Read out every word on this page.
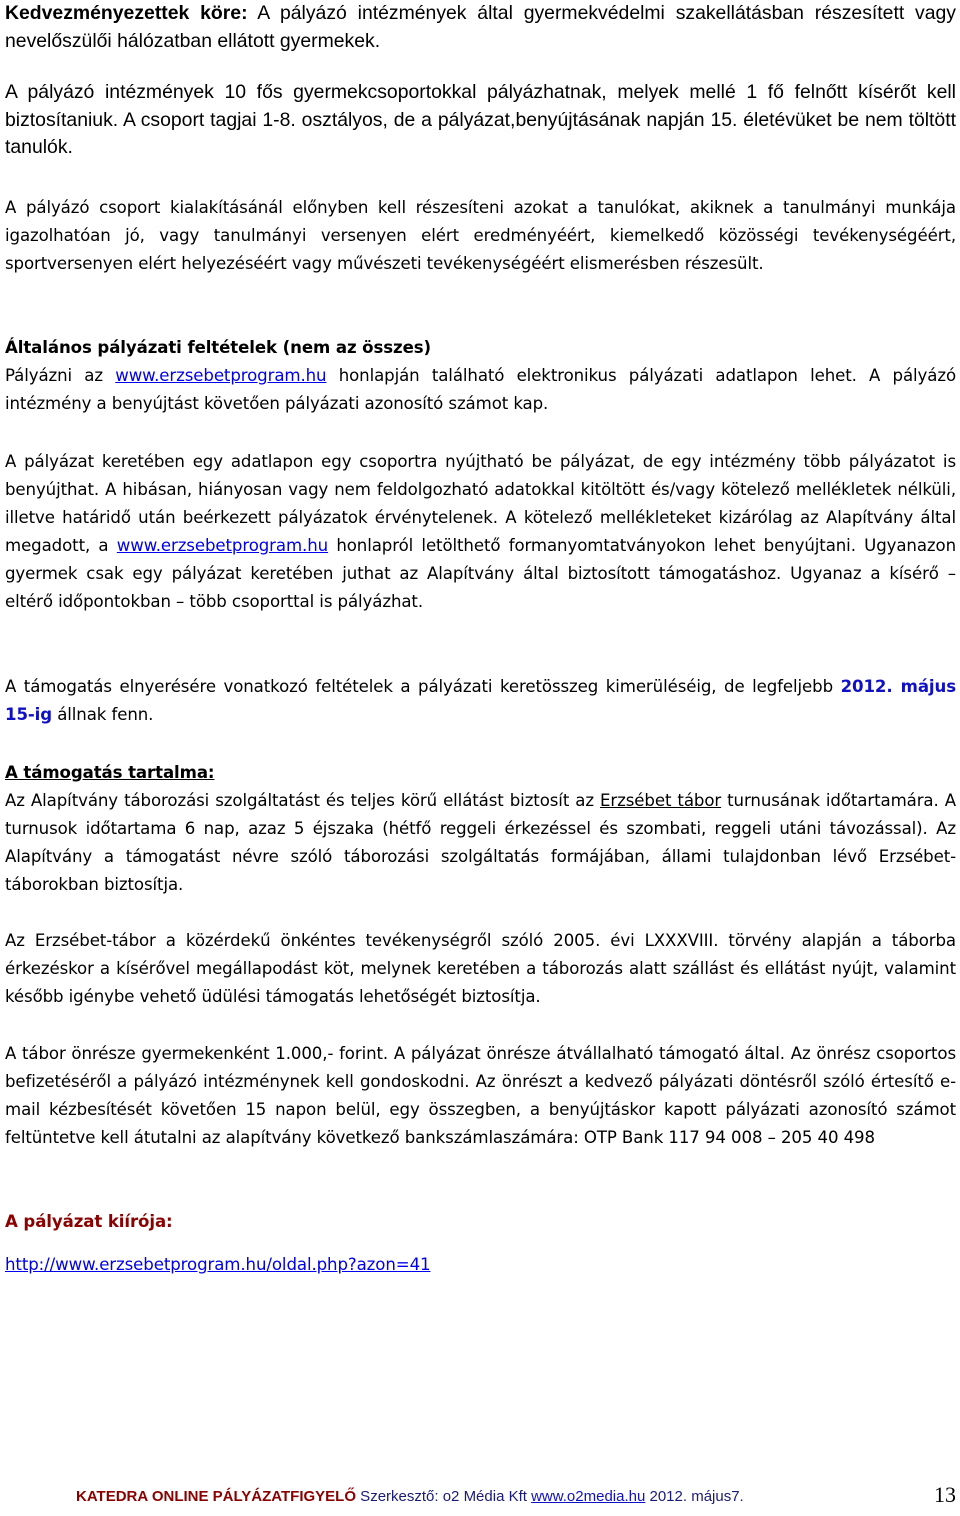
Kedvezményezettek köre: A pályázó intézmények által gyermekvédelmi szakellátásban részesített vagy nevelőszülői hálózatban ellátott gyermekek.

A pályázó intézmények 10 fős gyermekcsoportokkal pályázhatnak, melyek mellé 1 fő felnőtt kísérőt kell biztosítaniuk. A csoport tagjai 1-8. osztályos, de a pályázat,benyújtásának napján 15. életévüket be nem töltött tanulók.

A pályázó csoport kialakításánál előnyben kell részesíteni azokat a tanulókat, akiknek a tanulmányi munkája igazolhatóan jó, vagy tanulmányi versenyen elért eredményéért, kiemelkedő közösségi tevékenységéért, sportversenyen elért helyezéséért vagy művészeti tevékenységéért elismerésben részesült.

Általános pályázati feltételek (nem az összes)

Pályázni az www.erzsebetprogram.hu honlapján található elektronikus pályázati adatlapon lehet. A pályázó intézmény a benyújtást követően pályázati azonosító számot kap.

A pályázat keretében egy adatlapon egy csoportra nyújtható be pályázat, de egy intézmény több pályázatot is benyújthat. A hibásan, hiányosan vagy nem feldolgozható adatokkal kitöltött és/vagy kötelező mellékletek nélküli, illetve határidő után beérkezett pályázatok érvénytelenek. A kötelező mellékleteket kizárólag az Alapítvány által megadott, a www.erzsebetprogram.hu honlapról letölthető formanyomtatványokon lehet benyújtani. Ugyanazon gyermek csak egy pályázat keretében juthat az Alapítvány által biztosított támogatáshoz. Ugyanaz a kísérő – eltérő időpontokban – több csoporttal is pályázhat.

A támogatás elnyerésére vonatkozó feltételek a pályázati keretösszeg kimerüléséig, de legfeljebb 2012. május 15-ig állnak fenn.

A támogatás tartalma:

Az Alapítvány táborozási szolgáltatást és teljes körű ellátást biztosít az Erzsébet tábor turnusának időtartamára. A turnusok időtartama 6 nap, azaz 5 éjszaka (hétfő reggeli érkezéssel és szombati, reggeli utáni távozással). Az Alapítvány a támogatást névre szóló táborozási szolgáltatás formájában, állami tulajdonban lévő Erzsébet-táborokban biztosítja.

Az Erzsébet-tábor a közérdekű önkéntes tevékenységről szóló 2005. évi LXXXVIII. törvény alapján a táborba érkezéskor a kísérővel megállapodást köt, melynek keretében a táborozás alatt szállást és ellátást nyújt, valamint később igénybe vehető üdülési támogatás lehetőségét biztosítja.

A tábor önrésze gyermekenként 1.000,- forint. A pályázat önrésze átvállalható támogató által. Az önrész csoportos befizetéséről a pályázó intézménynek kell gondoskodni. Az önrészt a kedvező pályázati döntésről szóló értesítő e-mail kézbesítését követően 15 napon belül, egy összegben, a benyújtáskor kapott pályázati azonosító számot feltüntetve kell átutalni az alapítvány következő bankszámlaszámára: OTP Bank 117 94 008 – 205 40 498

A pályázat kiírója:
http://www.erzsebetprogram.hu/oldal.php?azon=41
KATEDRA ONLINE PÁLYÁZATFIGYELŐ Szerkesztő: o2 Média Kft www.o2media.hu 2012. május7.	13
